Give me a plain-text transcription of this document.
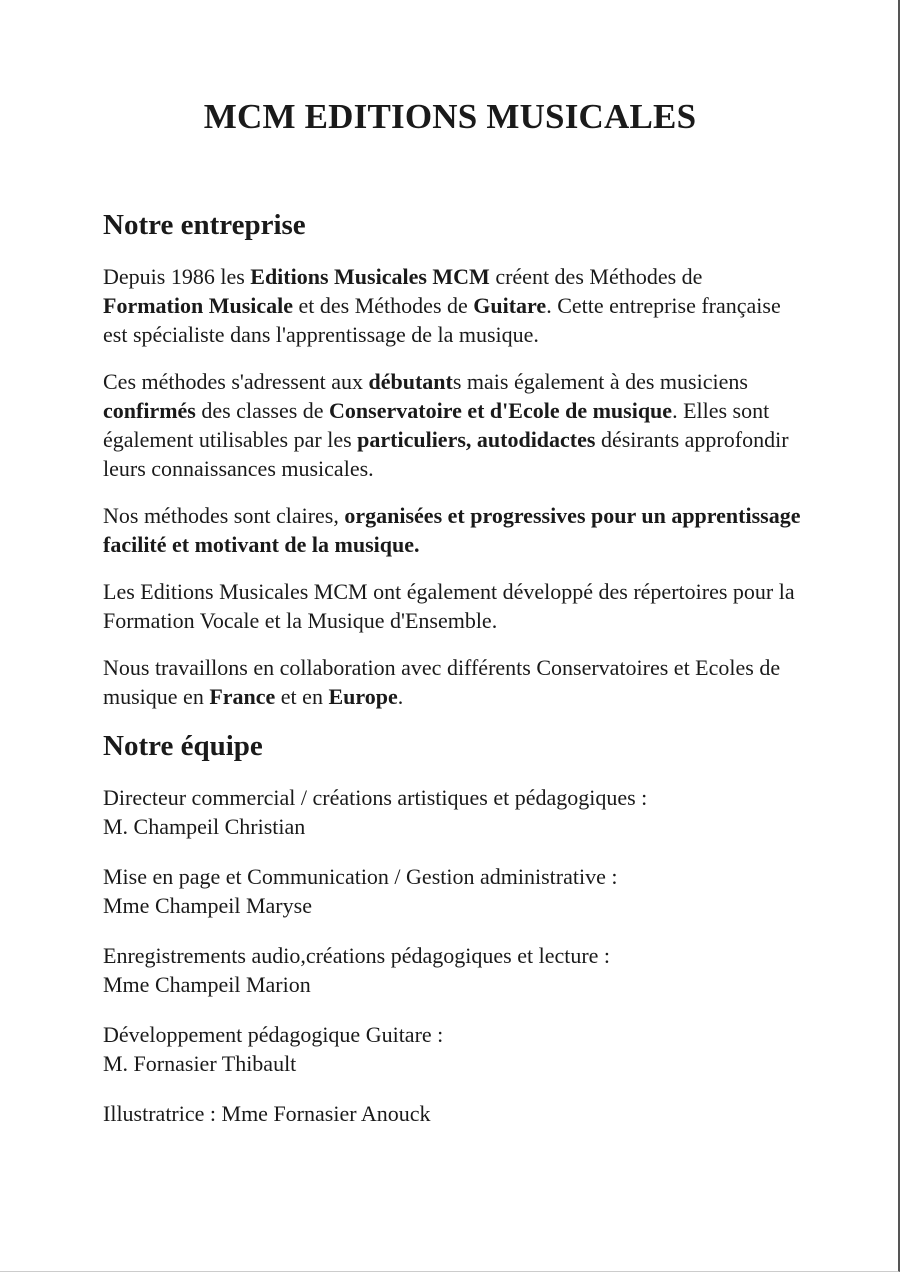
MCM EDITIONS MUSICALES
Notre entreprise

Depuis 1986 les Editions Musicales MCM créent des Méthodes de Formation Musicale et des Méthodes de Guitare. Cette entreprise française est spécialiste dans l'apprentissage de la musique.

Ces méthodes s'adressent aux débutants mais également à des musiciens confirmés des classes de Conservatoire et d'Ecole de musique. Elles sont également utilisables par les particuliers, autodidactes désirants approfondir leurs connaissances musicales.

Nos méthodes sont claires, organisées et progressives pour un apprentissage facilité et motivant de la musique.

Les Editions Musicales MCM ont également développé des répertoires pour la Formation Vocale et la Musique d'Ensemble.

Nous travaillons en collaboration avec différents Conservatoires et Ecoles de musique en France et en Europe.

Notre équipe

Directeur commercial / créations artistiques et pédagogiques :
M. Champeil Christian

Mise en page et Communication / Gestion administrative :
Mme Champeil Maryse

Enregistrements audio,créations pédagogiques et lecture :
Mme Champeil Marion

Développement pédagogique Guitare :
M. Fornasier Thibault

Illustratrice : Mme Fornasier Anouck
